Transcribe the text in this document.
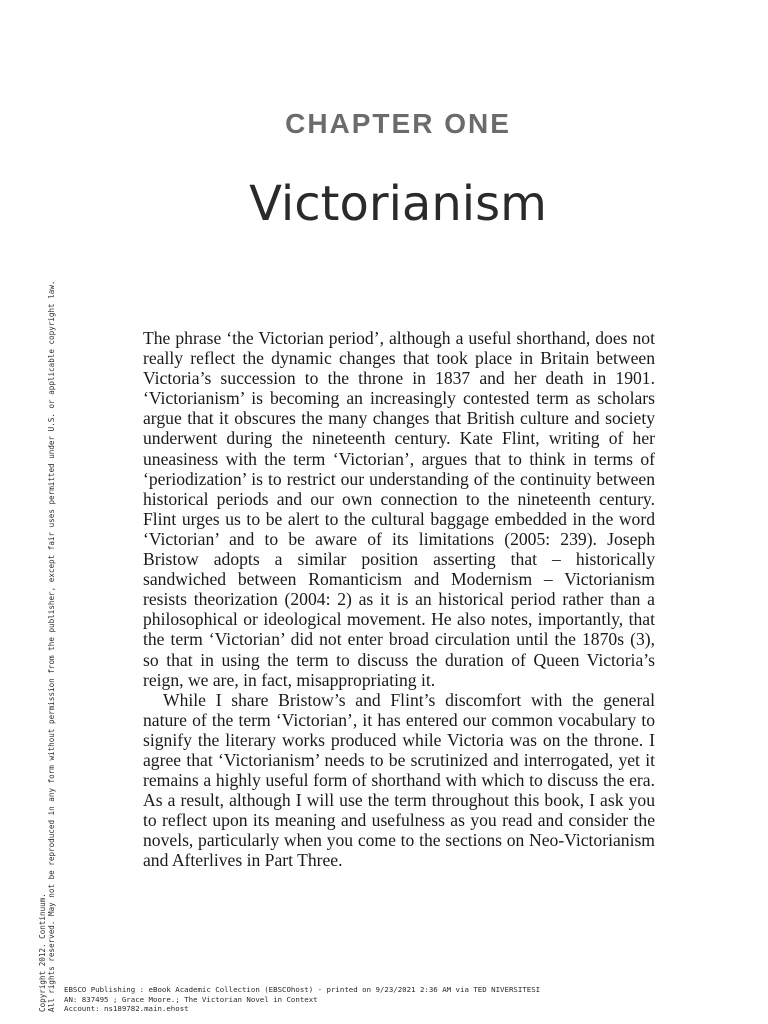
CHAPTER ONE
Victorianism

The phrase ‘the Victorian period’, although a useful shorthand, does not really reflect the dynamic changes that took place in Britain between Victoria’s succession to the throne in 1837 and her death in 1901. ‘Victorianism’ is becoming an increasingly contested term as scholars argue that it obscures the many changes that British culture and society underwent during the nineteenth century. Kate Flint, writing of her uneasiness with the term ‘Victorian’, argues that to think in terms of ‘periodization’ is to restrict our understanding of the continuity between historical periods and our own connection to the nineteenth century. Flint urges us to be alert to the cultural baggage embedded in the word ‘Victorian’ and to be aware of its limitations (2005: 239). Joseph Bristow adopts a similar position asserting that – historically sandwiched between Romanticism and Modernism – Victorianism resists theorization (2004: 2) as it is an historical period rather than a philosophical or ideological movement. He also notes, importantly, that the term ‘Victorian’ did not enter broad circulation until the 1870s (3), so that in using the term to discuss the duration of Queen Victoria’s reign, we are, in fact, misappropriating it.

While I share Bristow’s and Flint’s discomfort with the general nature of the term ‘Victorian’, it has entered our common vocabulary to signify the literary works produced while Victoria was on the throne. I agree that ‘Victorianism’ needs to be scrutinized and interrogated, yet it remains a highly useful form of shorthand with which to discuss the era. As a result, although I will use the term throughout this book, I ask you to reflect upon its meaning and usefulness as you read and consider the novels, particularly when you come to the sections on Neo-Victorianism and Afterlives in Part Three.

Copyright 2012. Continuum. All rights reserved. May not be reproduced in any form without permission from the publisher, except fair uses permitted under U.S. or applicable copyright law. EBSCO Publishing : eBook Academic Collection (EBSCOhost) - printed on 9/23/2021 2:36 AM via TED NIVERSITESI
AN: 837495 ; Grace Moore.; The Victorian Novel in Context
Account: ns189782.main.ehost
